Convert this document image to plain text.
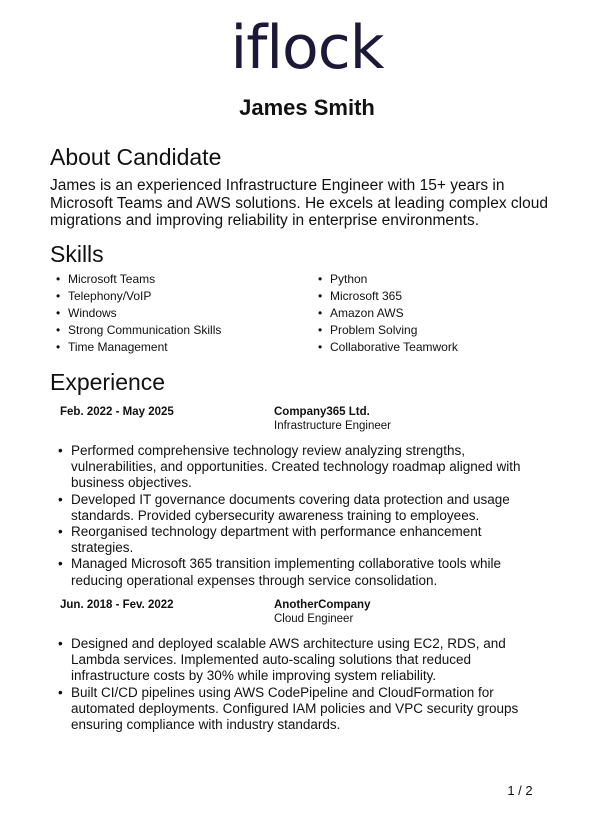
iflock
James Smith
About Candidate
James is an experienced Infrastructure Engineer with 15+ years in Microsoft Teams and AWS solutions. He excels at leading complex cloud migrations and improving reliability in enterprise environments.
Skills
• Microsoft Teams
• Telephony/VoIP
• Windows
• Strong Communication Skills
• Time Management
• Python
• Microsoft 365
• Amazon AWS
• Problem Solving
• Collaborative Teamwork
Experience
Feb. 2022 - May 2025	Company365 Ltd.
Infrastructure Engineer
• Performed comprehensive technology review analyzing strengths, vulnerabilities, and opportunities. Created technology roadmap aligned with business objectives.
• Developed IT governance documents covering data protection and usage standards. Provided cybersecurity awareness training to employees.
• Reorganised technology department with performance enhancement strategies.
• Managed Microsoft 365 transition implementing collaborative tools while reducing operational expenses through service consolidation.
Jun. 2018 - Fev. 2022	AnotherCompany
Cloud Engineer
• Designed and deployed scalable AWS architecture using EC2, RDS, and Lambda services. Implemented auto-scaling solutions that reduced infrastructure costs by 30% while improving system reliability.
• Built CI/CD pipelines using AWS CodePipeline and CloudFormation for automated deployments. Configured IAM policies and VPC security groups ensuring compliance with industry standards.
1 / 2
